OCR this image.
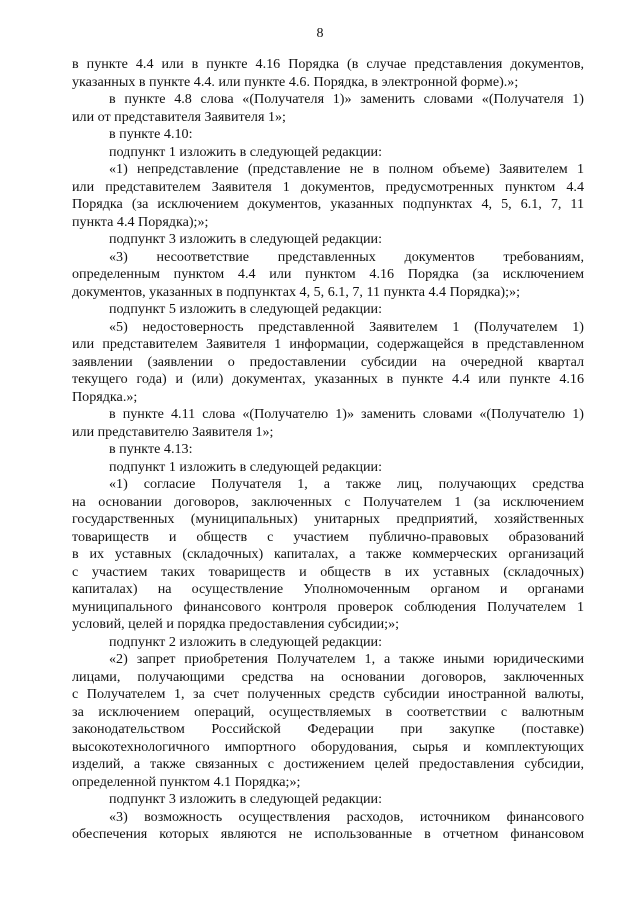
8
в пункте 4.4 или в пункте 4.16 Порядка (в случае представления документов,
указанных в пункте 4.4. или пункте 4.6. Порядка, в электронной форме).»;
в пункте 4.8 слова «(Получателя 1)» заменить словами «(Получателя 1)
или от представителя Заявителя 1»;
в пункте 4.10:
подпункт 1 изложить в следующей редакции:
«1) непредставление (представление не в полном объеме) Заявителем 1
или представителем Заявителя 1 документов, предусмотренных пунктом 4.4
Порядка (за исключением документов, указанных подпунктах 4, 5, 6.1, 7, 11
пункта 4.4 Порядка);»;
подпункт 3 изложить в следующей редакции:
«3) несоответствие представленных документов требованиям,
определенным пунктом 4.4 или пунктом 4.16 Порядка (за исключением
документов, указанных в подпунктах 4, 5, 6.1, 7, 11 пункта 4.4 Порядка);»;
подпункт 5 изложить в следующей редакции:
«5) недостоверность представленной Заявителем 1 (Получателем 1)
или представителем Заявителя 1 информации, содержащейся в представленном
заявлении (заявлении о предоставлении субсидии на очередной квартал
текущего года) и (или) документах, указанных в пункте 4.4 или пункте 4.16
Порядка.»;
в пункте 4.11 слова «(Получателю 1)» заменить словами «(Получателю 1)
или представителю Заявителя 1»;
в пункте 4.13:
подпункт 1 изложить в следующей редакции:
«1) согласие Получателя 1, а также лиц, получающих средства
на основании договоров, заключенных с Получателем 1 (за исключением
государственных (муниципальных) унитарных предприятий, хозяйственных
товариществ и обществ с участием публично-правовых образований
в их уставных (складочных) капиталах, а также коммерческих организаций
с участием таких товариществ и обществ в их уставных (складочных)
капиталах) на осуществление Уполномоченным органом и органами
муниципального финансового контроля проверок соблюдения Получателем 1
условий, целей и порядка предоставления субсидии;»;
подпункт 2 изложить в следующей редакции:
«2) запрет приобретения Получателем 1, а также иными юридическими
лицами, получающими средства на основании договоров, заключенных
с Получателем 1, за счет полученных средств субсидии иностранной валюты,
за исключением операций, осуществляемых в соответствии с валютным
законодательством Российской Федерации при закупке (поставке)
высокотехнологичного импортного оборудования, сырья и комплектующих
изделий, а также связанных с достижением целей предоставления субсидии,
определенной пунктом 4.1 Порядка;»;
подпункт 3 изложить в следующей редакции:
«3) возможность осуществления расходов, источником финансового
обеспечения которых являются не использованные в отчетном финансовом
